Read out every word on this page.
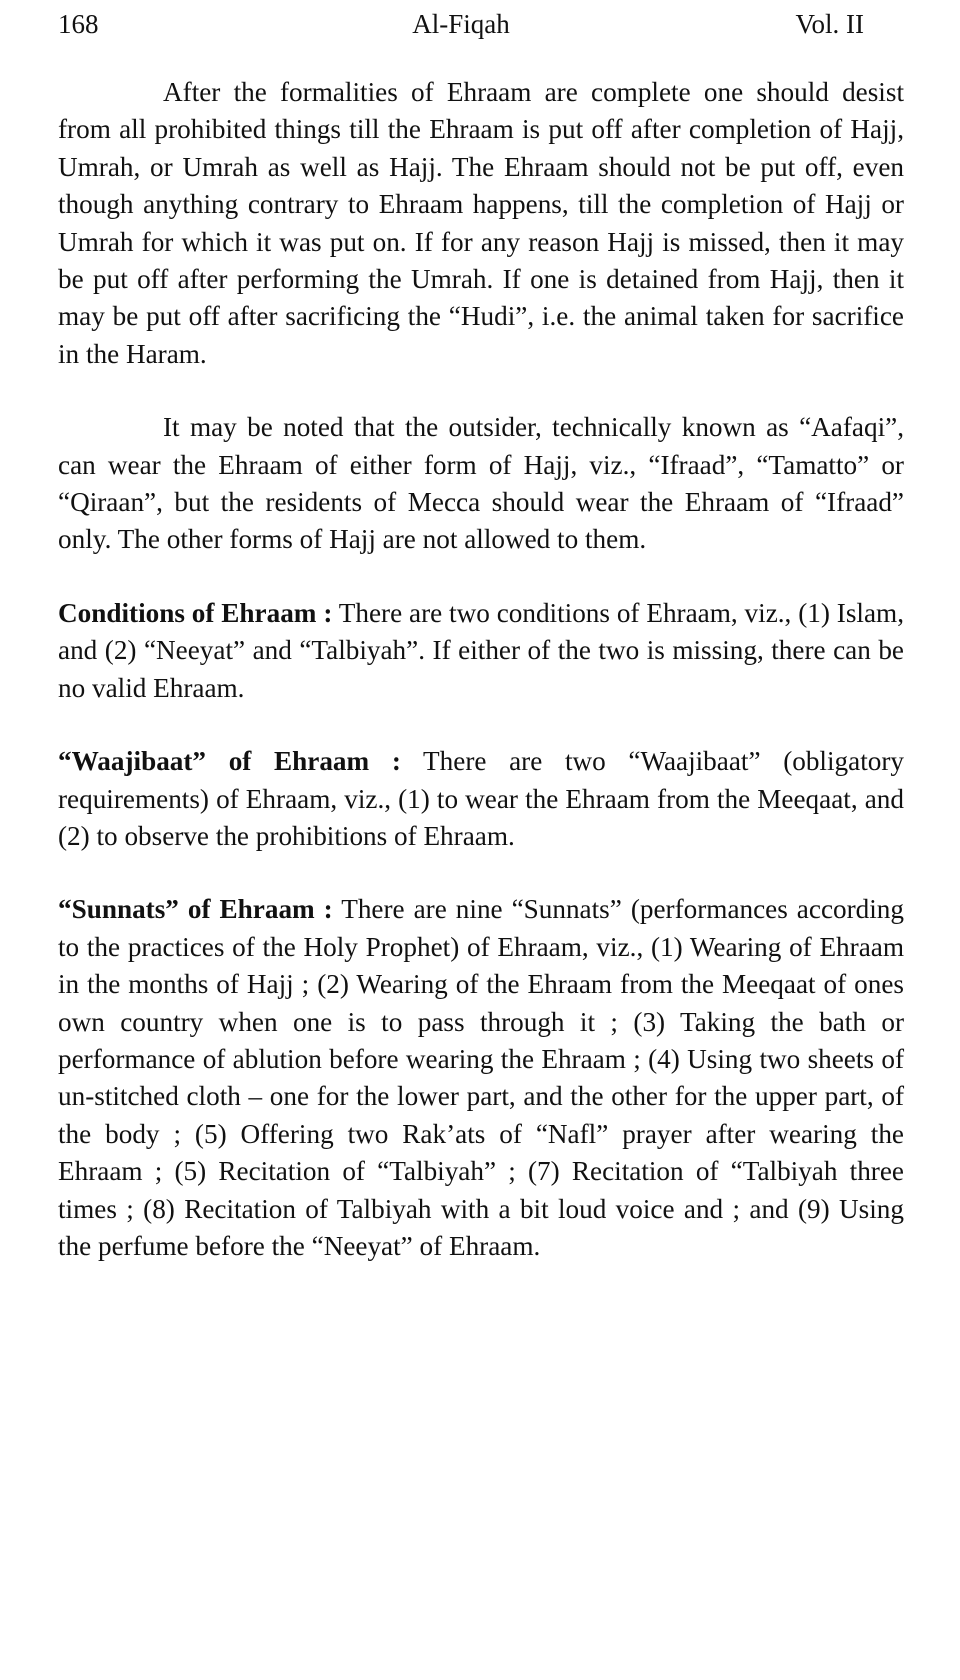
168	Al-Fiqah	Vol. II

After the formalities of Ehraam are complete one should desist from all prohibited things till the Ehraam is put off after completion of Hajj, Umrah, or Umrah as well as Hajj. The Ehraam should not be put off, even though anything contrary to Ehraam happens, till the completion of Hajj or Umrah for which it was put on. If for any reason Hajj is missed, then it may be put off after performing the Umrah. If one is detained from Hajj, then it may be put off after sacrificing the “Hudi”, i.e. the animal taken for sacrifice in the Haram.

It may be noted that the outsider, technically known as “Aafaqi”, can wear the Ehraam of either form of Hajj, viz., “Ifraad”, “Tamatto” or “Qiraan”, but the residents of Mecca should wear the Ehraam of “Ifraad” only. The other forms of Hajj are not allowed to them.

Conditions of Ehraam : There are two conditions of Ehraam, viz., (1) Islam, and (2) “Neeyat” and “Talbiyah”. If either of the two is missing, there can be no valid Ehraam.

“Waajibaat” of Ehraam : There are two “Waajibaat” (obligatory requirements) of Ehraam, viz., (1) to wear the Ehraam from the Meeqaat, and (2) to observe the prohibitions of Ehraam.

“Sunnats” of Ehraam : There are nine “Sunnats” (performances according to the practices of the Holy Prophet) of Ehraam, viz., (1) Wearing of Ehraam in the months of Hajj ; (2) Wearing of the Ehraam from the Meeqaat of ones own country when one is to pass through it ; (3) Taking the bath or performance of ablution before wearing the Ehraam ; (4) Using two sheets of un-stitched cloth – one for the lower part, and the other for the upper part, of the body ; (5) Offering two Rak’ats of “Nafl” prayer after wearing the Ehraam ; (5) Recitation of “Talbiyah” ; (7) Recitation of “Talbiyah three times ; (8) Recitation of Talbiyah with a bit loud voice and ; and (9) Using the perfume before the “Neeyat” of Ehraam.
